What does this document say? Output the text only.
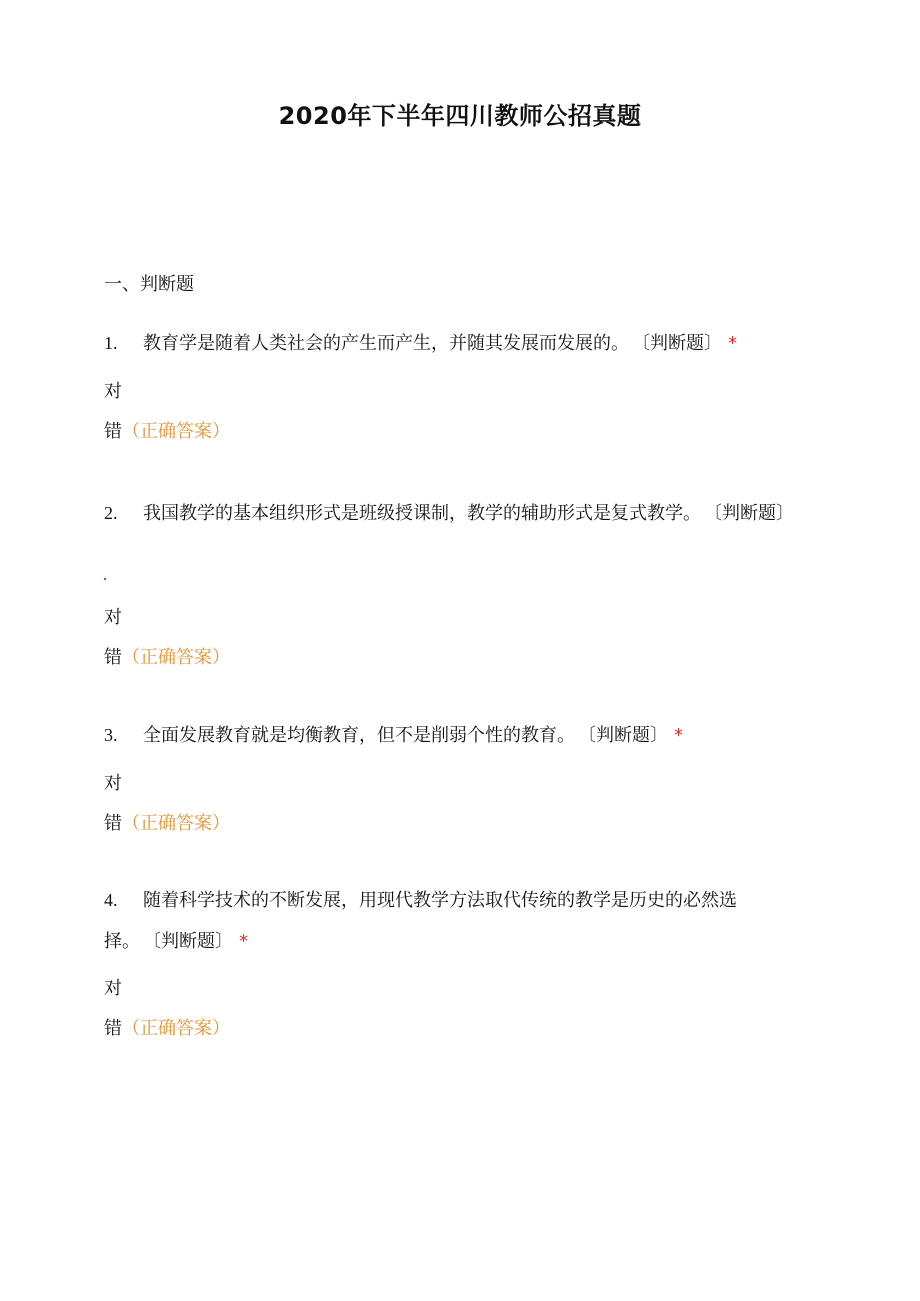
2020年下半年四川教师公招真题
一、判断题
1. 教育学是随着人类社会的产生而产生，并随其发展而发展的。 〔判断题〕 *
对
错（正确答案）
2. 我国教学的基本组织形式是班级授课制，教学的辅助形式是复式教学。 〔判断题〕
对
错（正确答案）
3. 全面发展教育就是均衡教育，但不是削弱个性的教育。 〔判断题〕 *
对
错（正确答案）
4. 随着科学技术的不断发展，用现代教学方法取代传统的教学是历史的必然选
择。 〔判断题〕 *
对
错（正确答案）
